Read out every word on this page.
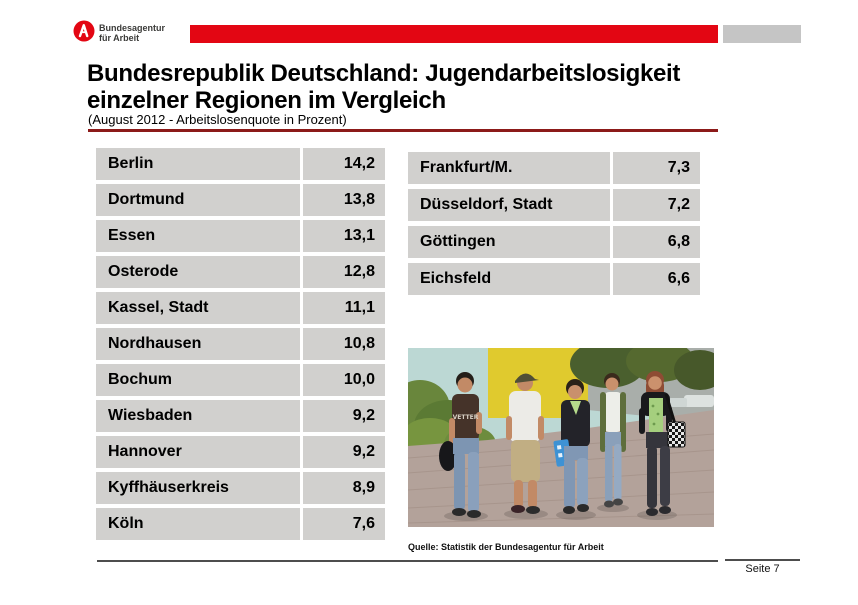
Bundesagentur
für Arbeit
Bundesrepublik Deutschland: Jugendarbeitslosigkeit
einzelner Regionen im Vergleich
(August 2012 - Arbeitslosenquote in Prozent)
Berlin	14,2
Dortmund	13,8
Essen	13,1
Osterode	12,8
Kassel, Stadt	11,1
Nordhausen	10,8
Bochum	10,0
Wiesbaden	9,2
Hannover	9,2
Kyffhäuserkreis	8,9
Köln	7,6
Frankfurt/M.	7,3
Düsseldorf, Stadt	7,2
Göttingen	6,8
Eichsfeld	6,6
VETTER
Quelle: Statistik der Bundesagentur für Arbeit
Seite 7
